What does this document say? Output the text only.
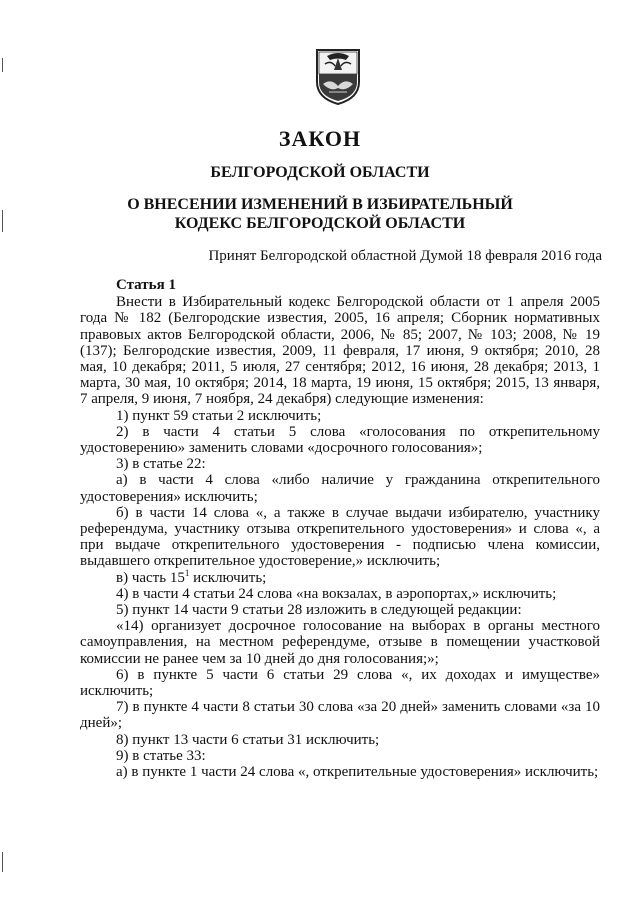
ЗАКОН

БЕЛГОРОДСКОЙ ОБЛАСТИ

О ВНЕСЕНИИ ИЗМЕНЕНИЙ В ИЗБИРАТЕЛЬНЫЙ
КОДЕКС БЕЛГОРОДСКОЙ ОБЛАСТИ

Принят Белгородской областной Думой 18 февраля 2016 года

Статья 1

Внести в Избирательный кодекс Белгородской области от 1 апреля 2005 года № 182 (Белгородские известия, 2005, 16 апреля; Сборник нормативных правовых актов Белгородской области, 2006, № 85; 2007, № 103; 2008, № 19 (137); Белгородские известия, 2009, 11 февраля, 17 июня, 9 октября; 2010, 28 мая, 10 декабря; 2011, 5 июля, 27 сентября; 2012, 16 июня, 28 декабря; 2013, 1 марта, 30 мая, 10 октября; 2014, 18 марта, 19 июня, 15 октября; 2015, 13 января, 7 апреля, 9 июня, 7 ноября, 24 декабря) следующие изменения:

1) пункт 59 статьи 2 исключить;

2) в части 4 статьи 5 слова «голосования по открепительному удостоверению» заменить словами «досрочного голосования»;

3) в статье 22:

а) в части 4 слова «либо наличие у гражданина открепительного удостоверения» исключить;

б) в части 14 слова «, а также в случае выдачи избирателю, участнику референдума, участнику отзыва открепительного удостоверения» и слова «, а при выдаче открепительного удостоверения - подписью члена комиссии, выдавшего открепительное удостоверение,» исключить;

в) часть $15^1$ исключить;

4) в части 4 статьи 24 слова «на вокзалах, в аэропортах,» исключить;

5) пункт 14 части 9 статьи 28 изложить в следующей редакции:

«14) организует досрочное голосование на выборах в органы местного самоуправления, на местном референдуме, отзыве в помещении участковой комиссии не ранее чем за 10 дней до дня голосования;»;

6) в пункте 5 части 6 статьи 29 слова «, их доходах и имуществе» исключить;

7) в пункте 4 части 8 статьи 30 слова «за 20 дней» заменить словами «за 10 дней»;

8) пункт 13 части 6 статьи 31 исключить;

9) в статье 33:

а) в пункте 1 части 24 слова «, открепительные удостоверения» исключить;
